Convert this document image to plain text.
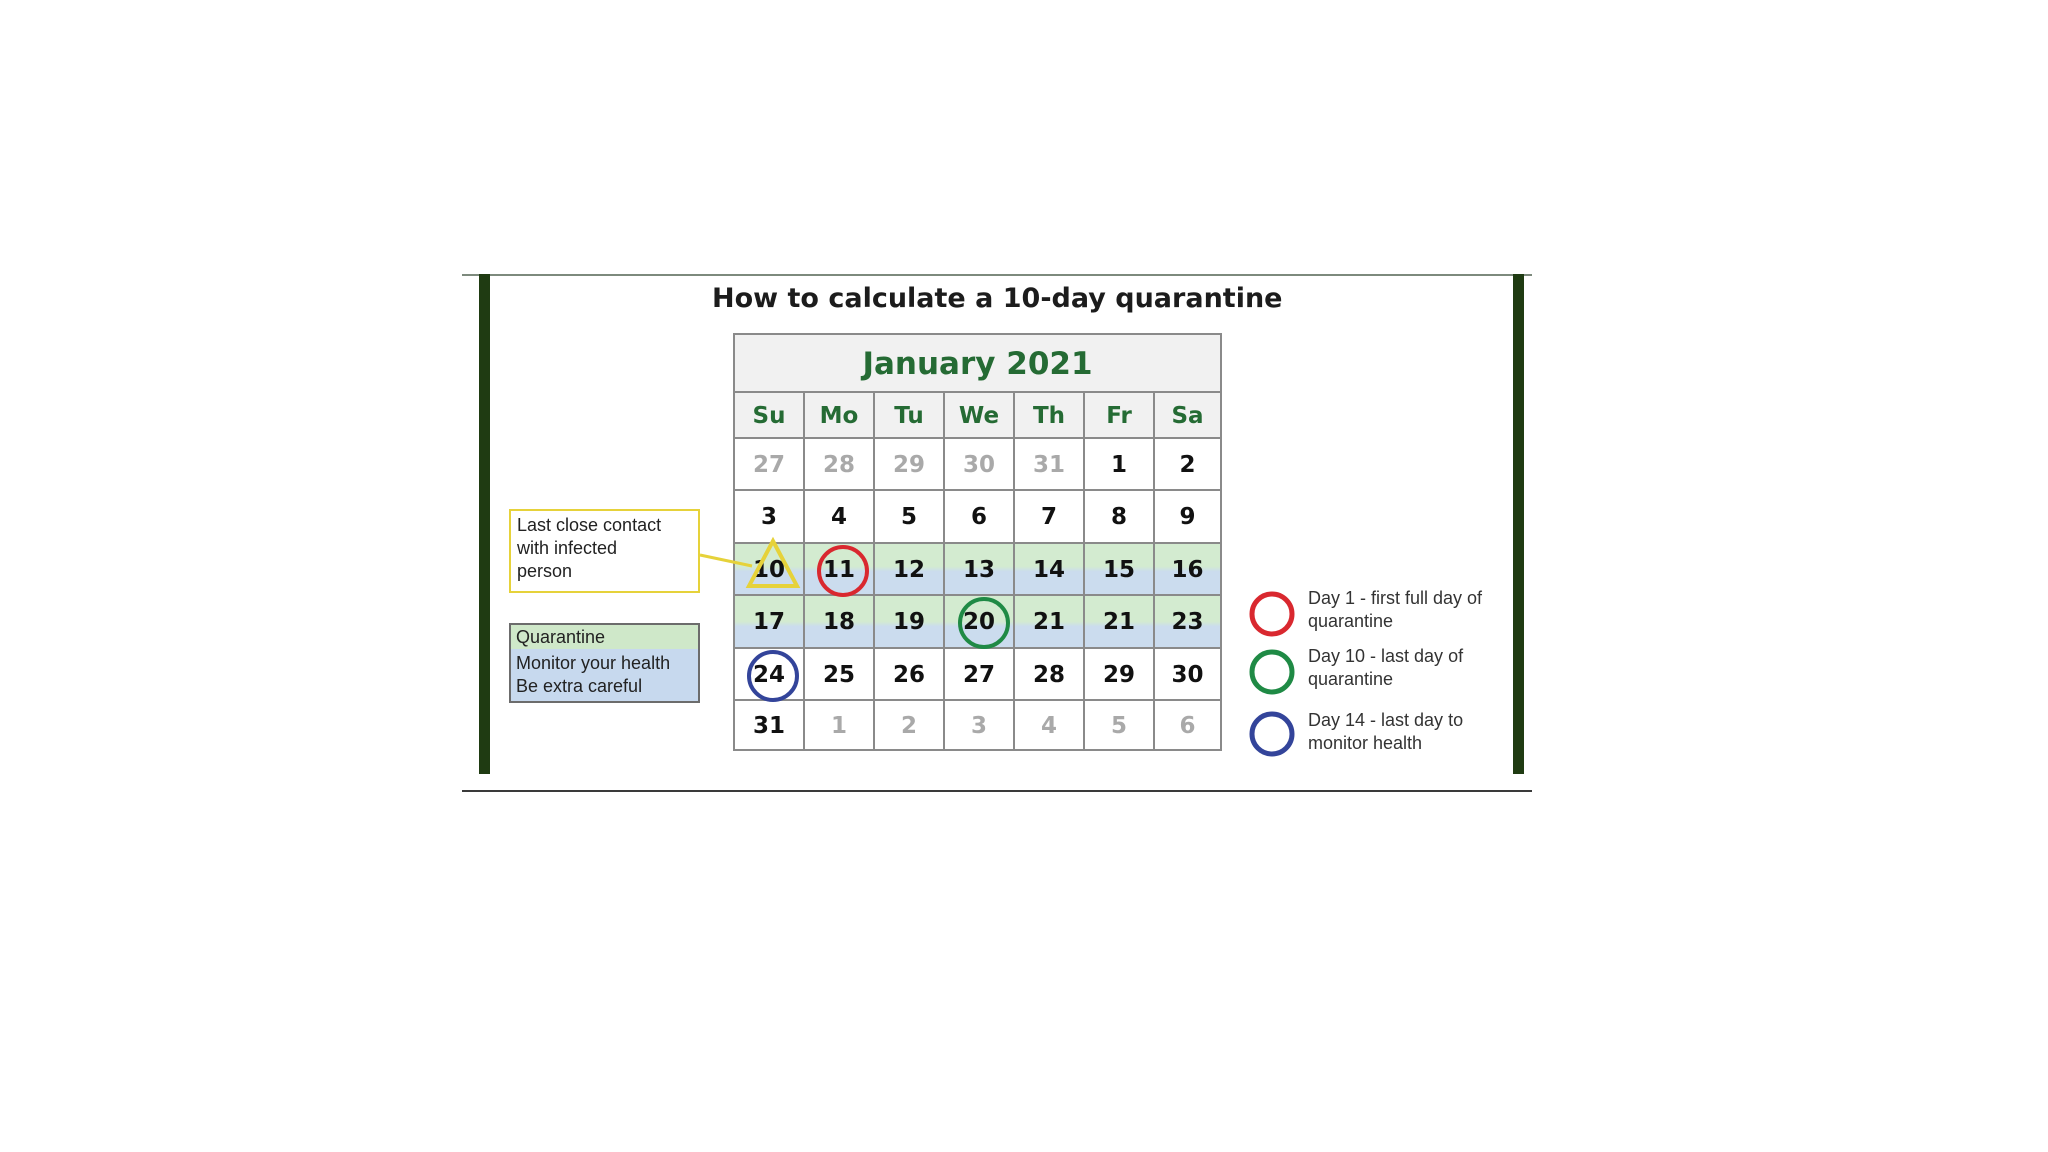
How to calculate a 10-day quarantine
January 2021
Su	Mo	Tu	We	Th	Fr	Sa
27	28	29	30	31	1	2
3	4	5	6	7	8	9
10	11	12	13	14	15	16
17	18	19	20	21	21	23
24	25	26	27	28	29	30
31	1	2	3	4	5	6
Last close contact
with infected
person
Quarantine
Monitor your health
Be extra careful
Day 1 - first full day of
quarantine
Day 10 - last day of
quarantine
Day 14 - last day to
monitor health
